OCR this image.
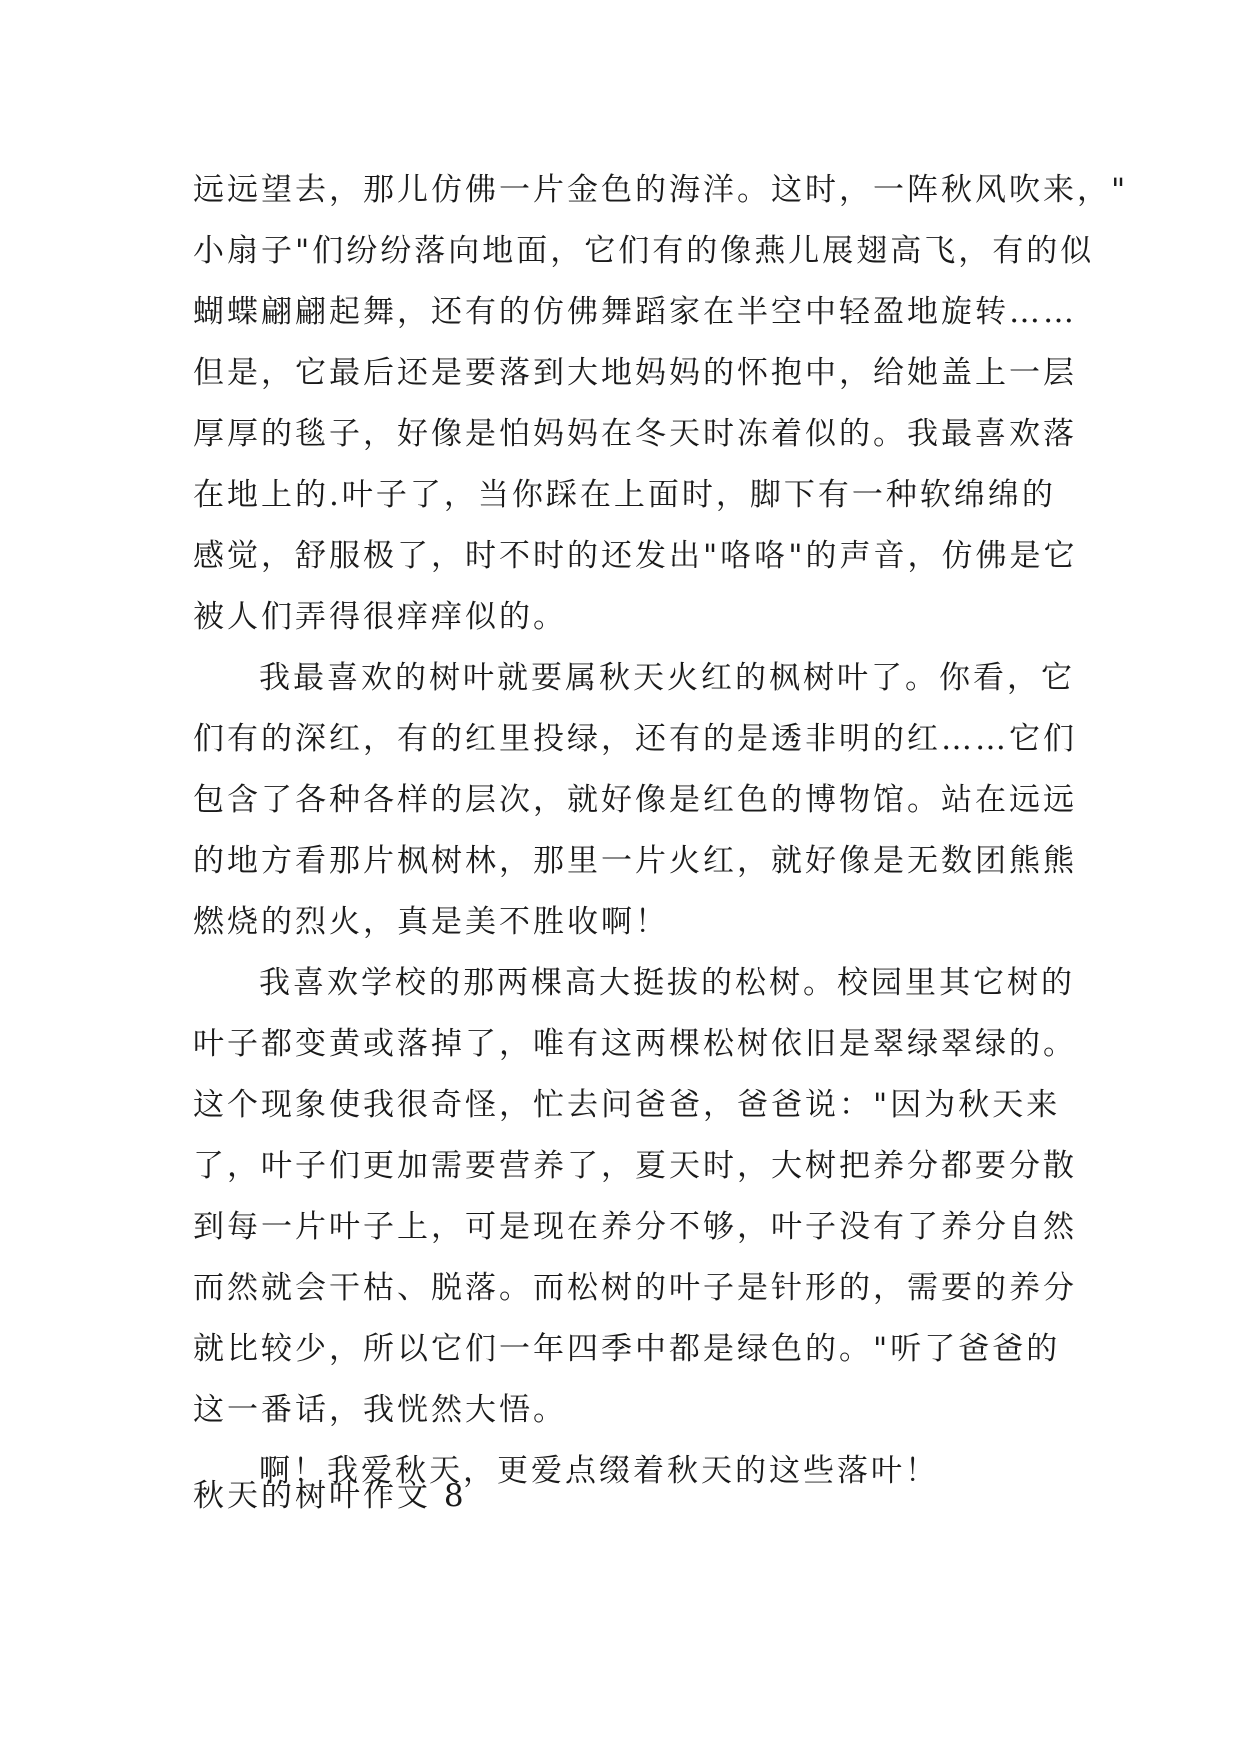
远远望去，那儿仿佛一片金色的海洋。这时，一阵秋风吹来，"
小扇子"们纷纷落向地面，它们有的像燕儿展翅高飞，有的似
蝴蝶翩翩起舞，还有的仿佛舞蹈家在半空中轻盈地旋转……
但是，它最后还是要落到大地妈妈的怀抱中，给她盖上一层
厚厚的毯子，好像是怕妈妈在冬天时冻着似的。我最喜欢落
在地上的.叶子了，当你踩在上面时，脚下有一种软绵绵的
感觉，舒服极了，时不时的还发出"咯咯"的声音，仿佛是它
被人们弄得很痒痒似的。
我最喜欢的树叶就要属秋天火红的枫树叶了。你看，它
们有的深红，有的红里投绿，还有的是透非明的红……它们
包含了各种各样的层次，就好像是红色的博物馆。站在远远
的地方看那片枫树林，那里一片火红，就好像是无数团熊熊
燃烧的烈火，真是美不胜收啊！
我喜欢学校的那两棵高大挺拔的松树。校园里其它树的
叶子都变黄或落掉了，唯有这两棵松树依旧是翠绿翠绿的。
这个现象使我很奇怪，忙去问爸爸，爸爸说："因为秋天来
了，叶子们更加需要营养了，夏天时，大树把养分都要分散
到每一片叶子上，可是现在养分不够，叶子没有了养分自然
而然就会干枯、脱落。而松树的叶子是针形的，需要的养分
就比较少，所以它们一年四季中都是绿色的。"听了爸爸的
这一番话，我恍然大悟。
啊！我爱秋天，更爱点缀着秋天的这些落叶！
秋天的树叶作文 8
